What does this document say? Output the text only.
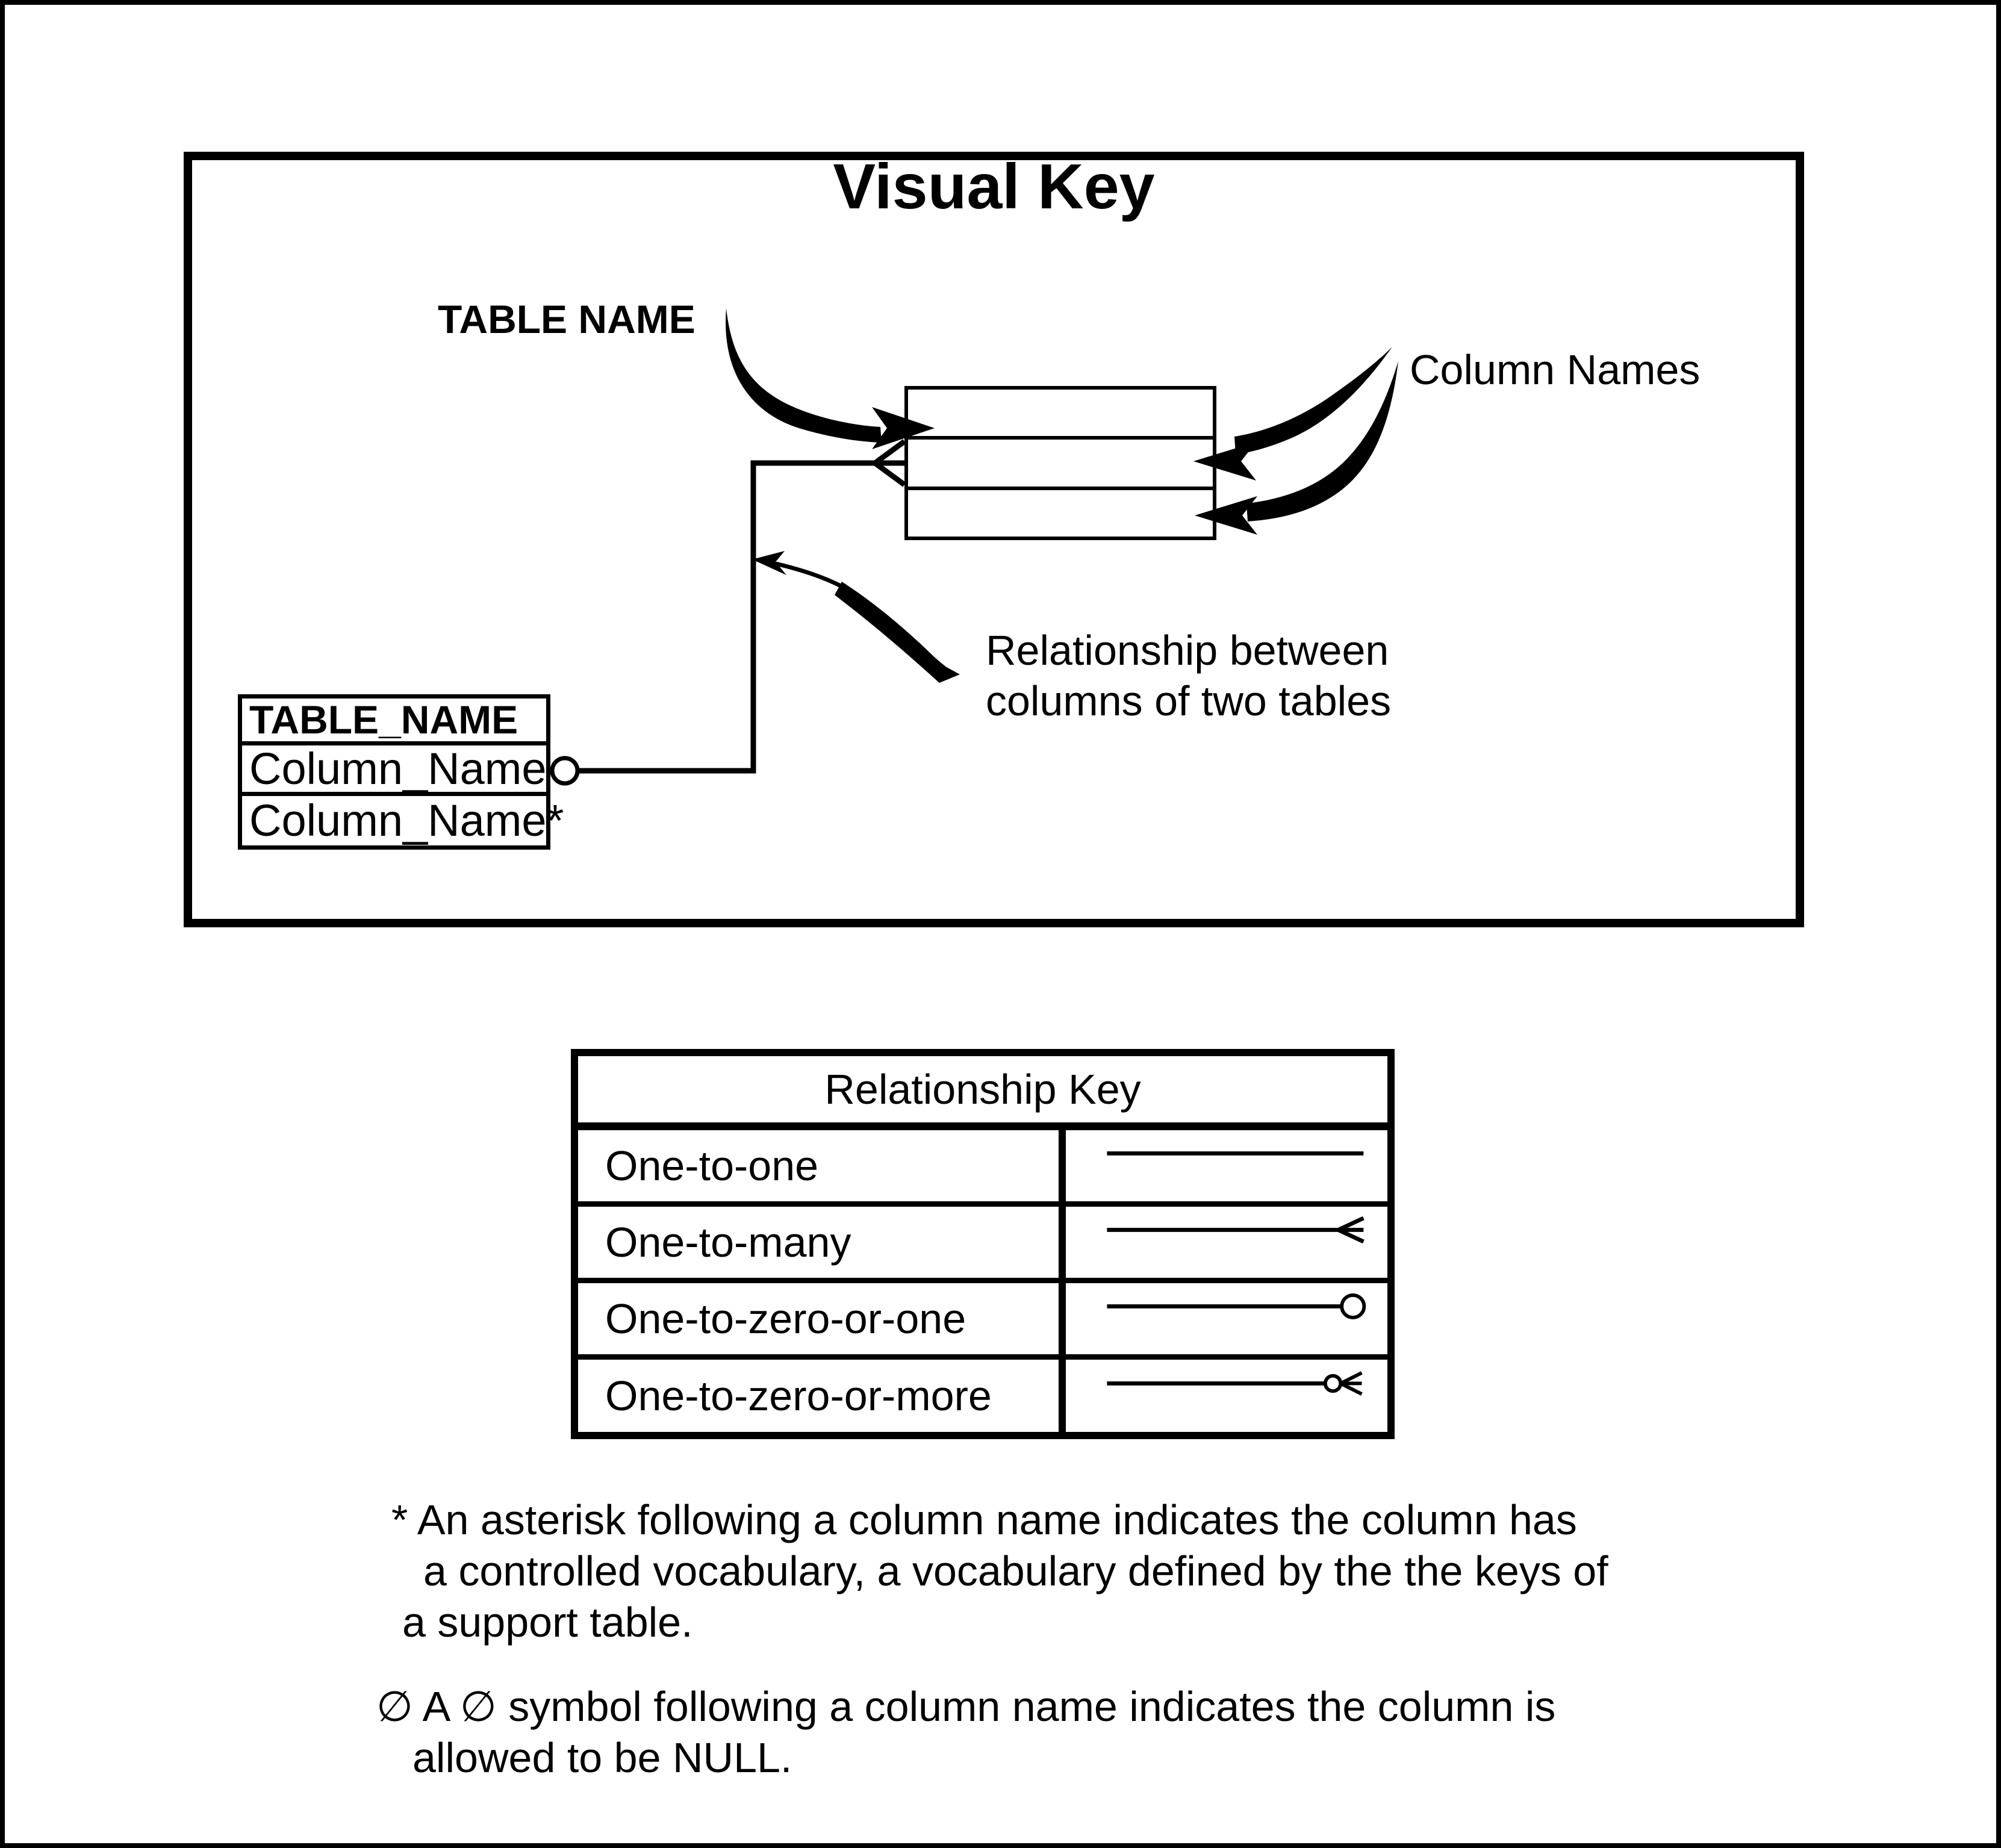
Visual Key
TABLE NAME
Column Names
Relationship between
columns of two tables
TABLE_NAME
Column_Name
Column_Name*
Relationship Key
One-to-one
One-to-many
One-to-zero-or-one
One-to-zero-or-more
* An asterisk following a column name indicates the column has
a controlled vocabulary, a vocabulary defined by the the keys of
a support table.
∅ A ∅ symbol following a column name indicates the column is
allowed to be NULL.
